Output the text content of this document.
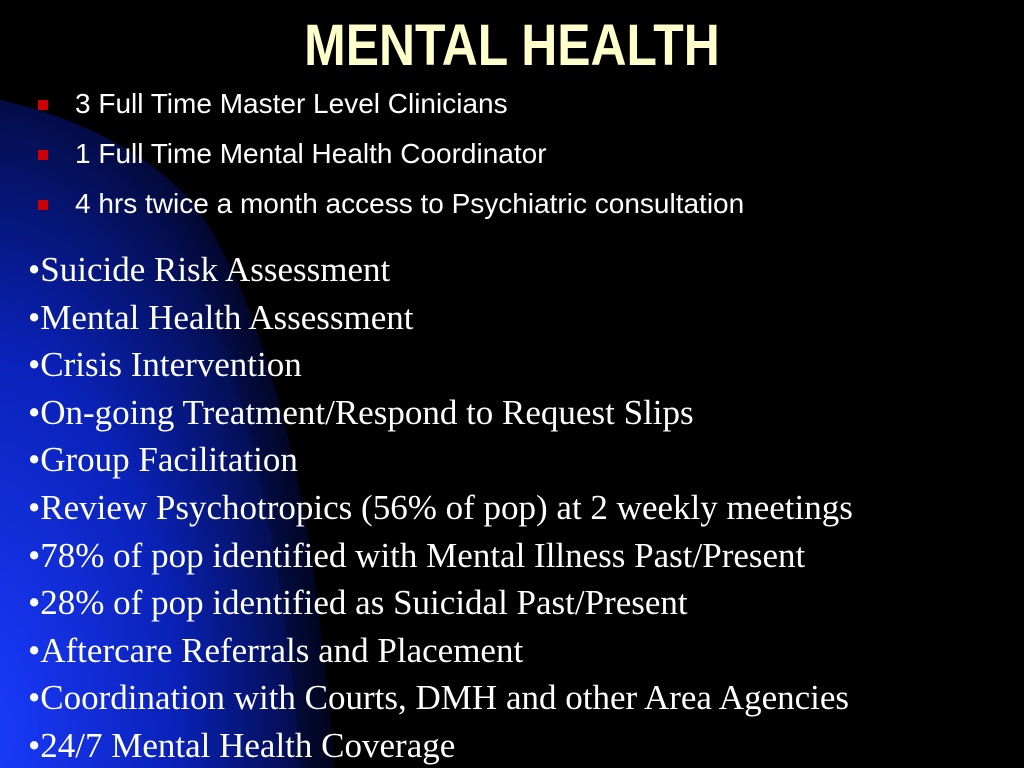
MENTAL HEALTH
3 Full Time Master Level Clinicians
1 Full Time Mental Health Coordinator
4 hrs twice a month access to Psychiatric consultation
•Suicide Risk Assessment
•Mental Health Assessment
•Crisis Intervention
•On-going Treatment/Respond to Request Slips
•Group Facilitation
•Review Psychotropics (56% of pop) at 2 weekly meetings
•78% of pop identified with Mental Illness Past/Present
•28% of pop identified as Suicidal Past/Present
•Aftercare Referrals and Placement
•Coordination with Courts, DMH and other Area Agencies
•24/7 Mental Health Coverage
